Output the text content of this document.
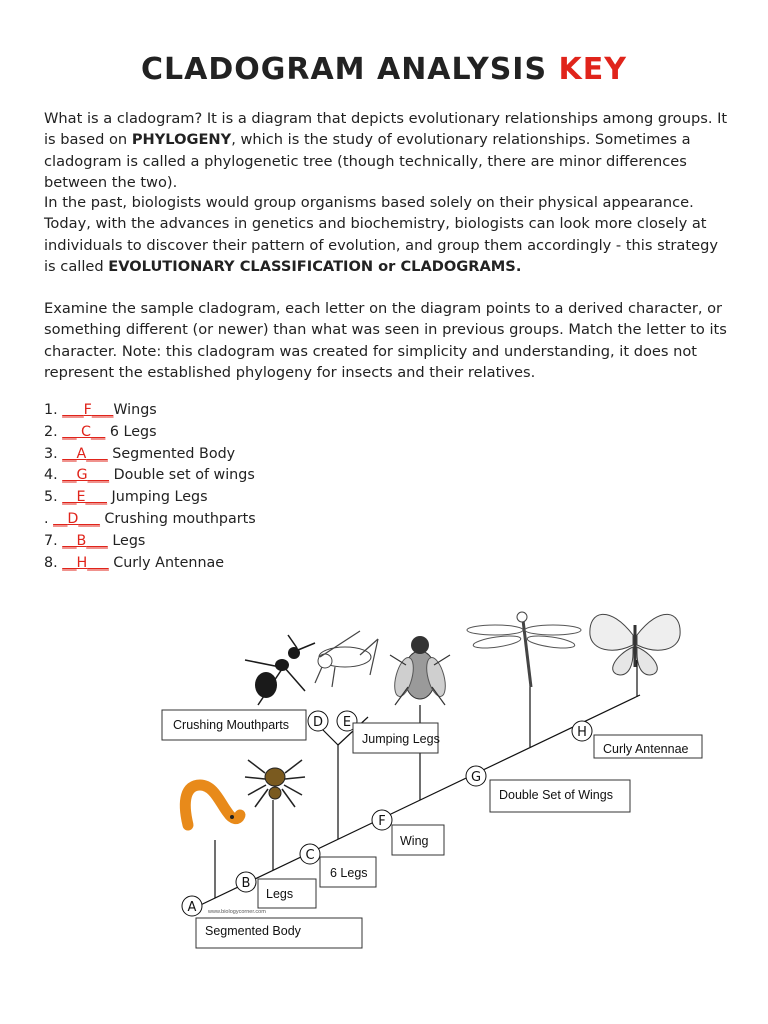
CLADOGRAM ANALYSIS KEY
What is a cladogram? It is a diagram that depicts evolutionary relationships among groups. It is based on PHYLOGENY, which is the study of evolutionary relationships. Sometimes a cladogram is called a phylogenetic tree (though technically, there are minor differences between the two).
In the past, biologists would group organisms based solely on their physical appearance. Today, with the advances in genetics and biochemistry, biologists can look more closely at individuals to discover their pattern of evolution, and group them accordingly - this strategy is called EVOLUTIONARY CLASSIFICATION or CLADOGRAMS.
Examine the sample cladogram, each letter on the diagram points to a derived character, or something different (or newer) than what was seen in previous groups. Match the letter to its character. Note: this cladogram was created for simplicity and understanding, it does not represent the established phylogeny for insects and their relatives.
1. ___F___Wings
2. __ C__ 6 Legs
3. __A___ Segmented Body
4. __G___ Double set of wings
5. __E___ Jumping Legs
. __D___ Crushing mouthparts
7. __B___ Legs
8. __H___ Curly Antennae
A
B
C
D E
F
G
H
Crushing Mouthparts
Jumping Legs
Curly Antennae
Double Set of Wings
Wing
6 Legs
Legs
Segmented Body
www.biologycorner.com
